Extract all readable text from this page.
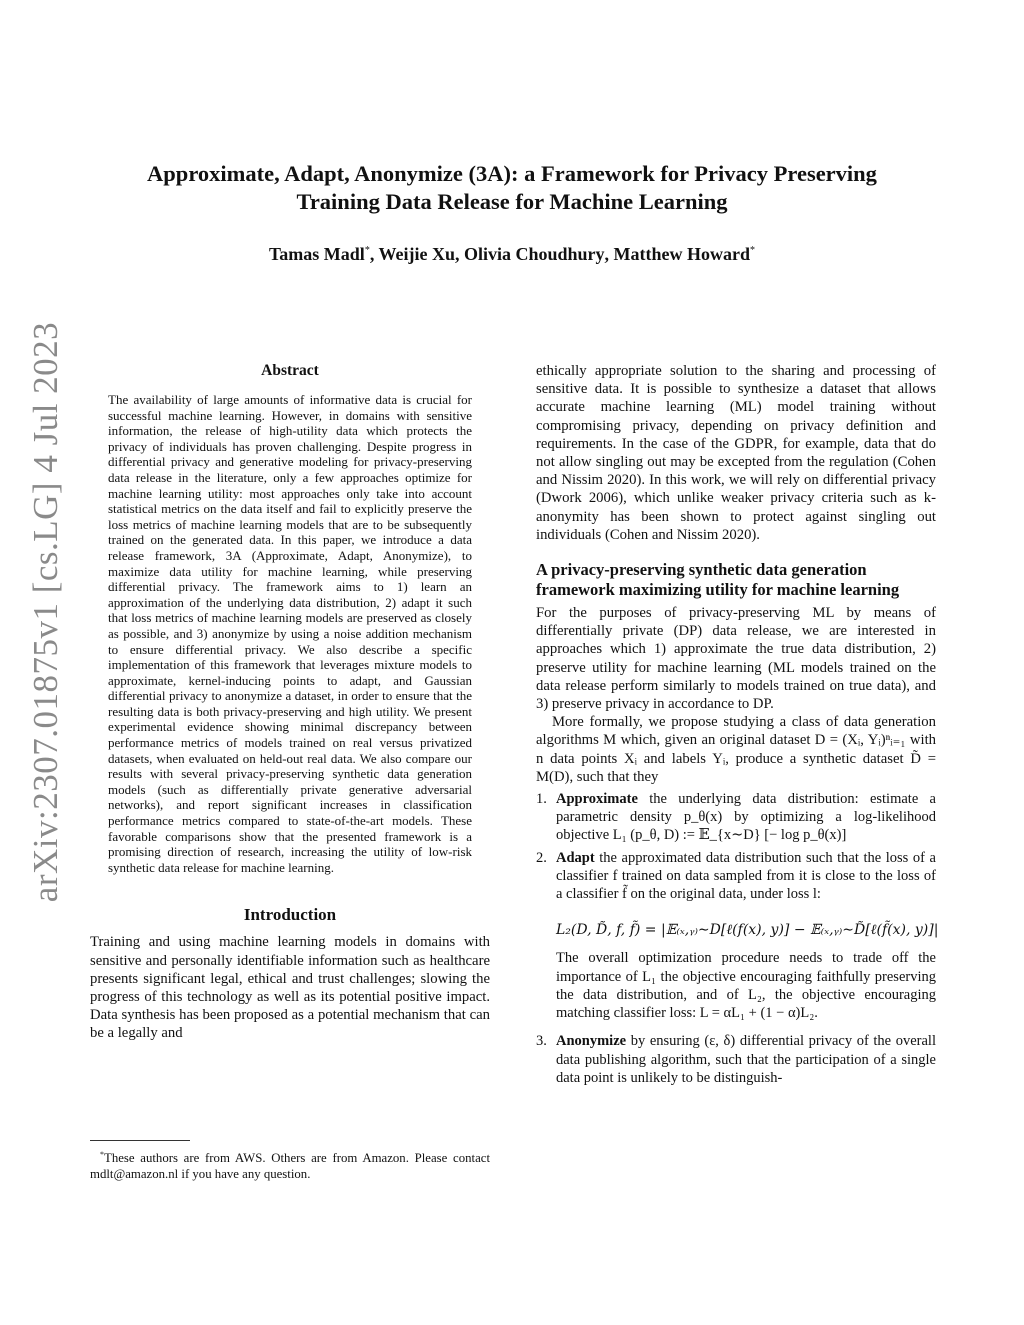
arXiv:2307.01875v1 [cs.LG] 4 Jul 2023
Approximate, Adapt, Anonymize (3A): a Framework for Privacy Preserving
Training Data Release for Machine Learning
Tamas Madl*, Weijie Xu, Olivia Choudhury, Matthew Howard*
Abstract

The availability of large amounts of informative data is crucial for successful machine learning. However, in domains with sensitive information, the release of high-utility data which protects the privacy of individuals has proven challenging. Despite progress in differential privacy and generative modeling for privacy-preserving data release in the literature, only a few approaches optimize for machine learning utility: most approaches only take into account statistical metrics on the data itself and fail to explicitly preserve the loss metrics of machine learning models that are to be subsequently trained on the generated data. In this paper, we introduce a data release framework, 3A (Approximate, Adapt, Anonymize), to maximize data utility for machine learning, while preserving differential privacy. The framework aims to 1) learn an approximation of the underlying data distribution, 2) adapt it such that loss metrics of machine learning models are preserved as closely as possible, and 3) anonymize by using a noise addition mechanism to ensure differential privacy. We also describe a specific implementation of this framework that leverages mixture models to approximate, kernel-inducing points to adapt, and Gaussian differential privacy to anonymize a dataset, in order to ensure that the resulting data is both privacy-preserving and high utility. We present experimental evidence showing minimal discrepancy between performance metrics of models trained on real versus privatized datasets, when evaluated on held-out real data. We also compare our results with several privacy-preserving synthetic data generation models (such as differentially private generative adversarial networks), and report significant increases in classification performance metrics compared to state-of-the-art models. These favorable comparisons show that the presented framework is a promising direction of research, increasing the utility of low-risk synthetic data release for machine learning.

Introduction

Training and using machine learning models in domains with sensitive and personally identifiable information such as healthcare presents significant legal, ethical and trust challenges; slowing the progress of this technology as well as its potential positive impact. Data synthesis has been proposed as a potential mechanism that can be a legally and

*These authors are from AWS. Others are from Amazon. Please contact mdlt@amazon.nl if you have any question.

ethically appropriate solution to the sharing and processing of sensitive data. It is possible to synthesize a dataset that allows accurate machine learning (ML) model training without compromising privacy, depending on privacy definition and requirements. In the case of the GDPR, for example, data that do not allow singling out may be excepted from the regulation (Cohen and Nissim 2020). In this work, we will rely on differential privacy (Dwork 2006), which unlike weaker privacy criteria such as k-anonymity has been shown to protect against singling out individuals (Cohen and Nissim 2020).

A privacy-preserving synthetic data generation framework maximizing utility for machine learning

For the purposes of privacy-preserving ML by means of differentially private (DP) data release, we are interested in approaches which 1) approximate the true data distribution, 2) preserve utility for machine learning (ML models trained on the data release perform similarly to models trained on true data), and 3) preserve privacy in accordance to DP.

More formally, we propose studying a class of data generation algorithms M which, given an original dataset D = (Xᵢ, Yᵢ)ⁿᵢ₌₁ with n data points Xᵢ and labels Yᵢ, produce a synthetic dataset D̃ = M(D), such that they

1. Approximate the underlying data distribution: estimate a parametric density p_θ(x) by optimizing a log-likelihood objective L₁ (p_θ, D) := 𝔼_{x∼D} [− log p_θ(x)]
2. Adapt the approximated data distribution such that the loss of a classifier f trained on data sampled from it is close to the loss of a classifier f̃ on the original data, under loss l:
L₂(D, D̃, f, f̃) = |𝔼₍ₓ,ᵧ₎∼D[ℓ(f(x), y)] − 𝔼₍ₓ,ᵧ₎∼D̃[ℓ(f̃(x), y)]|

The overall optimization procedure needs to trade off the importance of L₁ the objective encouraging faithfully preserving the data distribution, and of L₂, the objective encouraging matching classifier loss: L = αL₁ + (1 − α)L₂.

3. Anonymize by ensuring (ε, δ) differential privacy of the overall data publishing algorithm, such that the participation of a single data point is unlikely to be distinguish-
